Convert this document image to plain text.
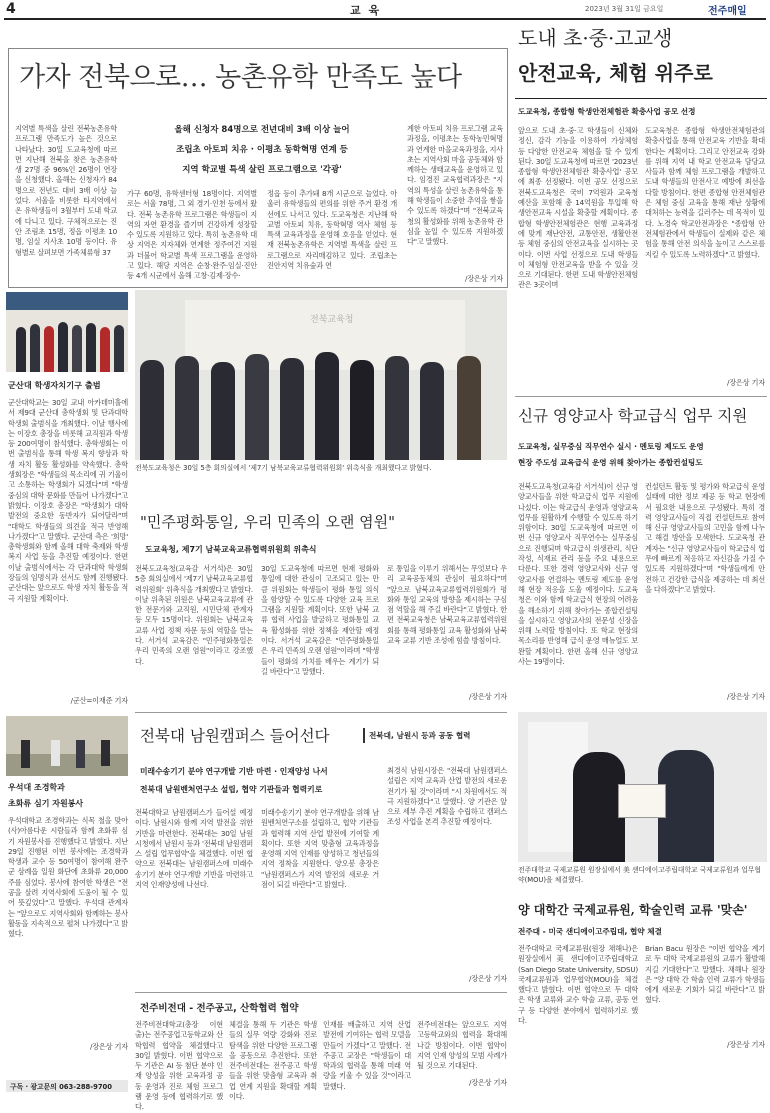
4	교 육	2023년 3월 31일 금요일	전주매일
가자 전북으로… 농촌유학 만족도 높다
지역별 특색을 살린 전북농촌유학프로그램 만족도가 높은 것으로 나타났다. 30일 도교육청에 따르면 지난해 전북을 찾은 농촌유학생 27명 중 96%인 26명이 연장을 신청했다. 올해는 신청자가 84명으로 전년도 대비 3배 이상 늘었다. 서울을 비롯한 타지역에서 온 유학생들이 3월부터 도내 학교에 다니고 있다. 구체적으로는 진안 조림초 15명, 정읍 이평초 10명, 임실 지사초 10명 등이다. 유형별로 살펴보면 가족체류형 37
올해 신청자 84명으로 전년대비 3배 이상 늘어
조립초 아토피 치유 · 이평초 동학혁명 연계 등
지역 학교별 특색 살린 프로그램으로 '각광'
가구 60명, 유학센터형 18명이다. 지역별로는 서울 78명, 그 외 경기·인천 등에서 왔다. 전북 농촌유학 프로그램은 학생들이 지역의 자연 환경을 즐기며 건강하게 성장할 수 있도록 지원하고 있다. 특히 농촌유학 대상 지역은 지자체와 연계한 정주여건 지원과 더불어 학교별 특색 프로그램을 운영하고 있다. 해당 지역은 순창·완주·임실·진안 등 4개 시군에서 올해 고창·김제·장수·
정읍 등이 추가돼 8개 시군으로 늘었다. 아울러 유학생들의 편의를 위한 주거 환경 개선에도 나서고 있다. 도교육청은 지난해 학교별 아토피 치유, 동학혁명 역사 체험 등 특색 교육과정을 운영해 호응을 얻었다. 현재 전북농촌유학은 지역별 특색을 살린 프로그램으로 자리매김하고 있다. 조립초는 진안지역 치유숲과 연
계한 아토피 치유 프로그램 교육과정을, 이평초는 동학농민혁명과 연계한 마을교육과정을, 지사초는 지역사회 마을 공동체와 함께하는 생태교육을 운영하고 있다. 임경진 교육협력과장은 "지역의 특성을 살린 농촌유학을 통해 학생들이 소중한 추억을 쌓을 수 있도록 하겠다"며 "전북교육청의 활성화를 위해 농촌유학 관심을 높일 수 있도록 지원하겠다"고 말했다.
/장은상 기자
도내 초·중·고교생
안전교육, 체험 위주로
도교육청, 종합형 학생안전체험관 확충사업 공모 선정
앞으로 도내 초·중·고 학생들이 신체와 정신, 감각 기능을 이용하여 가상체험 등 다양한 안전교육 체험을 할 수 있게 된다. 30일 도교육청에 따르면 '2023년 종합형 학생안전체험관 확충사업' 공모에 최종 선정됐다. 이번 공모 선정으로 전북도교육청은 국비 7억원과 교육청 예산을 포함해 총 14억원을 투입해 학생안전교육 시설을 확충할 계획이다. 종합형 학생안전체험관은 현행 교육과정에 맞게 재난안전, 교통안전, 생활안전 등 체험 중심의 안전교육을 실시하는 곳이다. 이번 사업 선정으로 도내 학생들이 체험형 안전교육을 받을 수 있을 것으로 기대된다. 한편 도내 학생안전체험관은 3곳이며
도교육청은 종합형 학생안전체험관의 확충사업을 통해 안전교육 기반을 확대한다는 계획이다. 그리고 안전교육 강화를 위해 지역 내 학교 안전교육 담당교사들과 함께 체험 프로그램을 개발하고 도내 학생들의 안전사고 예방에 최선을 다할 방침이다. 한편 종합형 안전체험관은 체험 중심 교육을 통해 재난 상황에 대처하는 능력을 길러주는 데 목적이 있다. 노경숙 학교안전과장은 "종합형 안전체험관에서 학생들이 실제와 같은 체험을 통해 안전 의식을 높이고 스스로를 지킬 수 있도록 노력하겠다"고 밝혔다.
/장은상 기자
군산대 학생자치기구 출범
군산대학교는 30일 교내 아카데미홀에서 제9대 군산대 총학생회 및 단과대학 학생회 출범식을 개최했다. 이날 행사에는 이장호 총장을 비롯해 교직원과 학생 등 200여명이 참석했다. 총학생회는 이번 출범식을 통해 학생 복지 향상과 학생 자치 활동 활성화를 약속했다. 총학생회장은 "학생들의 목소리에 귀 기울이고 소통하는 학생회가 되겠다"며 "학생 중심의 대학 문화를 만들어 나가겠다"고 밝혔다. 이장호 총장은 "학생회가 대학 발전의 중요한 동반자가 되어달라"며 "대학도 학생들의 의견을 적극 반영해 나가겠다"고 말했다. 군산대 측은 '희망' 총학생회와 함께 올해 대학 축제와 학생 복지 사업 등을 추진할 예정이다. 한편 이날 출범식에서는 각 단과대학 학생회장들의 임명식과 선서도 함께 진행됐다. 군산대는 앞으로도 학생 자치 활동을 적극 지원할 계획이다.
/군산=이재준 기자
전북교육청
전북도교육청은 30일 5층 회의실에서 '제7기 남북교육교류협력위원회' 위촉식을 개최했다고 밝혔다.
"민주평화통일, 우리 민족의 오랜 염원"
도교육청, 제7기 남북교육교류협력위원회 위촉식
전북도교육청(교육감 서거석)은 30일 5층 회의실에서 '제7기 남북교육교류협력위원회' 위촉식을 개최했다고 밝혔다. 이날 위촉된 위원은 남북교육교류에 관한 전문가와 교직원, 시민단체 관계자 등 모두 15명이다. 위원회는 남북교육교류 사업 정책 자문 등의 역할을 맡는다. 서거석 교육감은 "민주평화통일은 우리 민족의 오랜 염원"이라고 강조했다.
30일 도교육청에 따르면 현재 평화와 통일에 대한 관심이 고조되고 있는 만큼 위원회는 학생들이 평화 통일 의식을 함양할 수 있도록 다양한 교육 프로그램을 지원할 계획이다. 또한 남북 교류 협력 사업을 발굴하고 평화통일 교육 활성화를 위한 정책을 제안할 예정이다. 서거석 교육감은 "민주평화통일은 우리 민족의 오랜 염원"이라며 "학생들이 평화의 가치를 배우는 계기가 되길 바란다"고 말했다.
로 통일을 이루기 위해서는 무엇보다 우리 교육공동체의 관심이 필요하다"며 "앞으로 남북교육교류협력위원회가 평화와 통일 교육의 방향을 제시하는 구심점 역할을 해 주길 바란다"고 밝혔다. 한편 전북교육청은 남북교육교류협력위원회를 통해 평화통일 교육 활성화와 남북 교육 교류 기반 조성에 힘쓸 방침이다.
/장은상 기자
신규 영양교사 학교급식 업무 지원
도교육청, 실무중심 직무연수 실시 · 멘토링 제도도 운영
현장 주도성 교육급식 운영 위해 찾아가는 종합컨설팅도
전북도교육청(교육감 서거석)이 신규 영양교사들을 위한 학교급식 업무 지원에 나섰다. 이는 학교급식 운영과 영양교육 업무를 원활하게 수행할 수 있도록 하기 위함이다. 30일 도교육청에 따르면 이번 신규 영양교사 직무연수는 실무중심으로 진행되며 학교급식 위생관리, 식단 작성, 식재료 관리 등을 주요 내용으로 다룬다. 또한 경력 영양교사와 신규 영양교사를 연결하는 멘토링 제도를 운영해 현장 적응을 도울 예정이다. 도교육청은 이와 함께 학교급식 현장의 어려움을 해소하기 위해 찾아가는 종합컨설팅을 실시하고 영양교사의 전문성 신장을 위해 노력할 방침이다. 또 학교 현장의 목소리를 반영해 급식 운영 매뉴얼도 보완할 계획이다. 한편 올해 신규 영양교사는 19명이다.
컨설턴트 활동 및 평가와 학교급식 운영 실태에 대한 정보 제공 등 학교 현장에서 필요한 내용으로 구성됐다. 특히 경력 영양교사들이 직접 컨설턴트로 참여해 신규 영양교사들의 고민을 함께 나누고 해결 방안을 모색한다. 도교육청 관계자는 "신규 영양교사들이 학교급식 업무에 빠르게 적응하고 자신감을 가질 수 있도록 지원하겠다"며 "학생들에게 안전하고 건강한 급식을 제공하는 데 최선을 다하겠다"고 밝혔다.
/장은상 기자
우석대 조경학과
초화류 심기 자원봉사
우석대학교 조경학과는 식목 철을 맞아 (사)아름다운 시람들과 함께 초화류 심기 자원봉사를 진행했다고 밝혔다. 지난 29일 진행된 이번 봉사에는 조경학과 학생과 교수 등 50여명이 참여해 완주군 삼례읍 일원 화단에 초화류 20,000주를 심었다. 봉사에 참여한 학생은 "전공을 살려 지역사회에 도움이 될 수 있어 뜻깊었다"고 말했다. 우석대 관계자는 "앞으로도 지역사회와 함께하는 봉사 활동을 지속적으로 펼쳐 나가겠다"고 밝혔다.
/장은상 기자
전북대 남원캠퍼스 들어선다	전북대, 남원시 등과 공동 협력
미래수송기기 분야 연구개발 기반 마련 · 인재양성 나서
전북대 남원벤처연구소 설립, 협약 기관들과 협력키로
전북대학교 남원캠퍼스가 들어설 예정이다. 남원시와 함께 지역 발전을 위한 기반을 마련한다. 전북대는 30일 남원시청에서 남원시 등과 '전북대 남원캠퍼스 설립 업무협약'을 체결했다. 이번 협약으로 전북대는 남원캠퍼스에 미래수송기기 분야 연구개발 기반을 마련하고 지역 인재양성에 나선다.
미래수송기기 분야 연구개발을 위해 남원벤처연구소를 설립하고, 협약 기관들과 협력해 지역 산업 발전에 기여할 계획이다. 또한 지역 맞춤형 교육과정을 운영해 지역 인재를 양성하고 청년들의 지역 정착을 지원한다. 양오봉 총장은 "남원캠퍼스가 지역 발전의 새로운 거점이 되길 바란다"고 밝혔다.
최경식 남원시장은 "전북대 남원캠퍼스 설립은 지역 교육과 산업 발전의 새로운 전기가 될 것"이라며 "시 차원에서도 적극 지원하겠다"고 말했다. 양 기관은 앞으로 세부 추진 계획을 수립하고 캠퍼스 조성 사업을 본격 추진할 예정이다.
/장은상 기자
전주대학교 국제교류원 원장실에서 美 샌디에이고주립대학교 국제교류원과 업무협약(MOU)을 체결했다.
양 대학간 국제교류원, 학술인력 교류 '맞손'
전주대 - 미국 샌디에이고주립대, 협약 체결
전주대학교 국제교류원(원장 채해나)은 원장실에서 美 샌디에이고주립대학교(San Diego State University, SDSU) 국제교류원과 업무협약(MOU)을 체결했다고 밝혔다. 이번 협약으로 두 대학은 학생 교류와 교수 학술 교류, 공동 연구 등 다양한 분야에서 협력하기로 했다.
Brian Bacu 원장은 "이번 협약을 계기로 두 대학 국제교류원의 교류가 활발해지길 기대한다"고 말했다. 채해나 원장은 "양 대학 간 학술 인력 교류가 학생들에게 새로운 기회가 되길 바란다"고 밝혔다.
/장은상 기자
전주비전대 - 전주공고, 산학협력 협약
전주비전대학교(총장 이현출)는 전주공업고등학교와 산학협력 협약을 체결했다고 30일 밝혔다. 이번 협약으로 두 기관은 AI 등 첨단 분야 인재 양성을 위한 교육과정 공동 운영과 진로 체험 프로그램 운영 등에 협력하기로 했다.
체결을 통해 두 기관은 학생들의 실무 역량 강화와 진로 탐색을 위한 다양한 프로그램을 공동으로 추진한다. 또한 전주비전대는 전주공고 학생들을 위한 맞춤형 교육과 취업 연계 지원을 확대할 계획이다.
인재를 배출하고 지역 산업 발전에 기여하는 협력 모델을 만들어 가겠다"고 말했다. 전주공고 교장은 "학생들이 대학과의 협력을 통해 미래 역량을 키울 수 있을 것"이라고 말했다.
전주비전대는 앞으로도 지역 고등학교와의 협력을 확대해 나갈 방침이다. 이번 협약이 지역 인재 양성의 모범 사례가 될 것으로 기대된다.
/장은상 기자
구독 · 광고문의 063-288-9700
